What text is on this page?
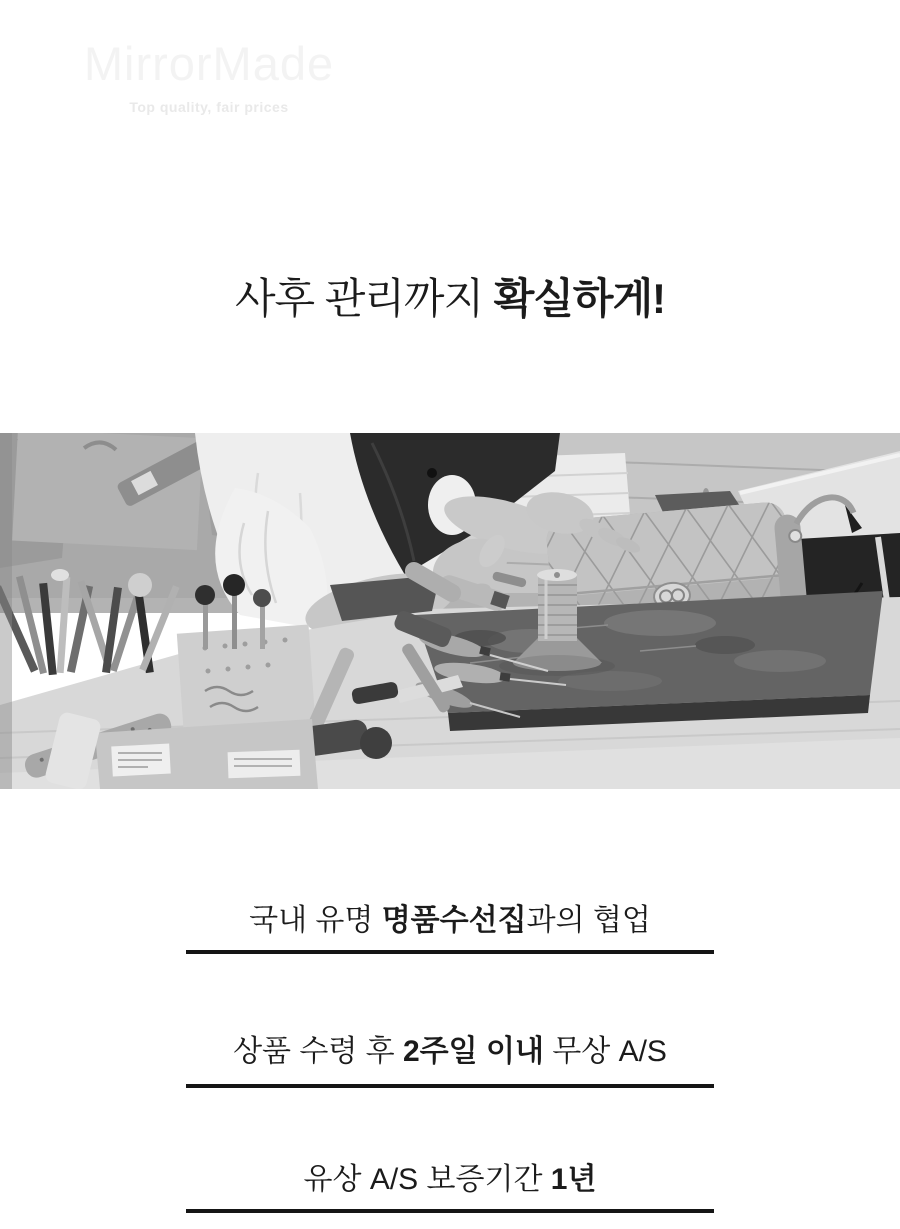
MirrorMade
Top quality, fair prices
사후 관리까지 확실하게!
국내 유명 명품수선집과의 협업
상품 수령 후 2주일 이내 무상 A/S
유상 A/S 보증기간 1년
